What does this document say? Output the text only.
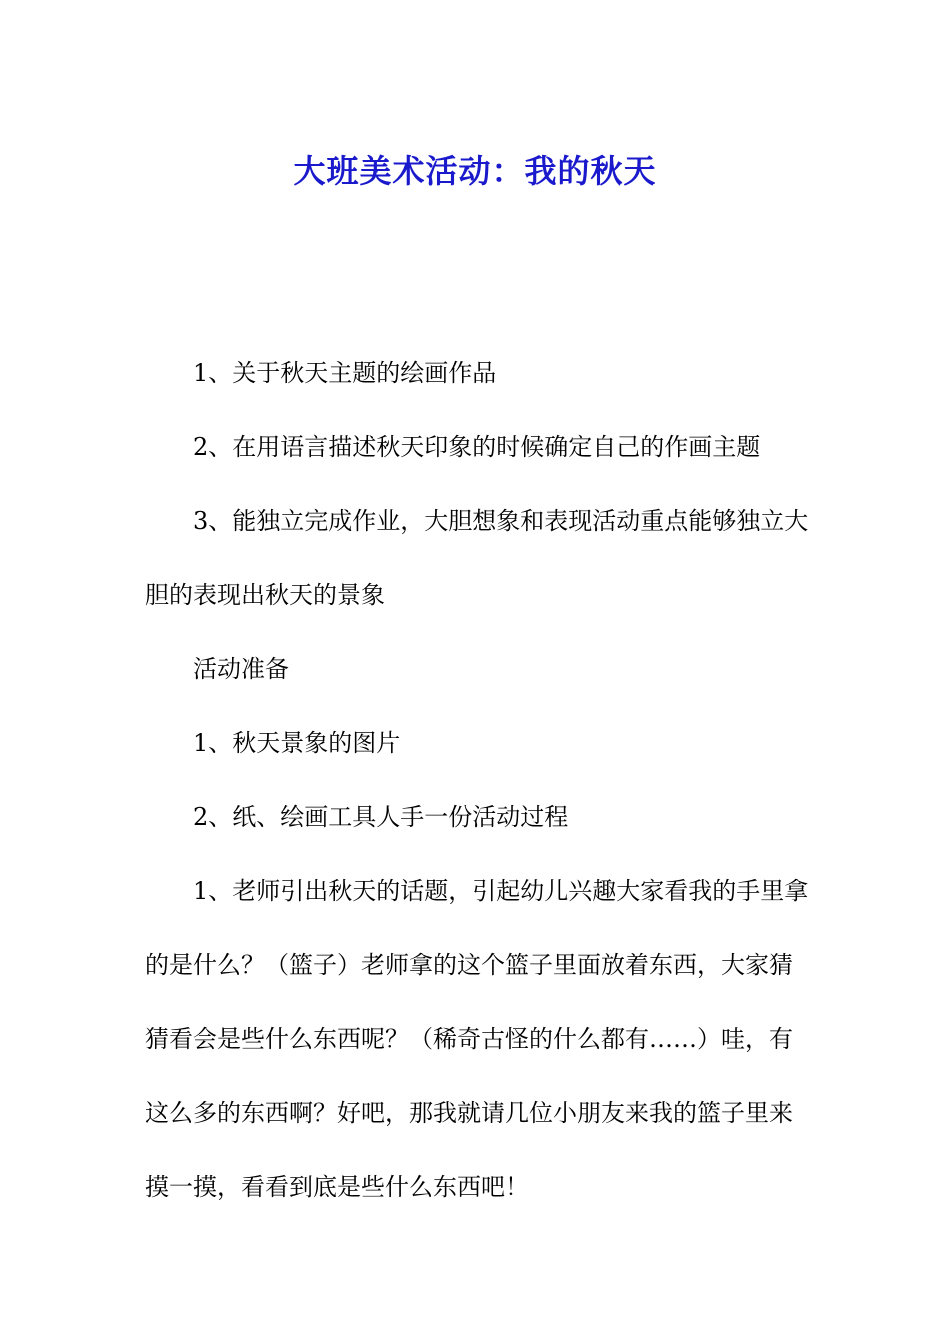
大班美术活动：我的秋天

1、关于秋天主题的绘画作品

2、在用语言描述秋天印象的时候确定自己的作画主题

3、能独立完成作业，大胆想象和表现活动重点能够独立大胆的表现出秋天的景象

活动准备

1、秋天景象的图片

2、纸、绘画工具人手一份活动过程

1、老师引出秋天的话题，引起幼儿兴趣大家看我的手里拿的是什么？（篮子）老师拿的这个篮子里面放着东西，大家猜猜看会是些什么东西呢？（稀奇古怪的什么都有……）哇，有这么多的东西啊？好吧，那我就请几位小朋友来我的篮子里来摸一摸，看看到底是些什么东西吧！
